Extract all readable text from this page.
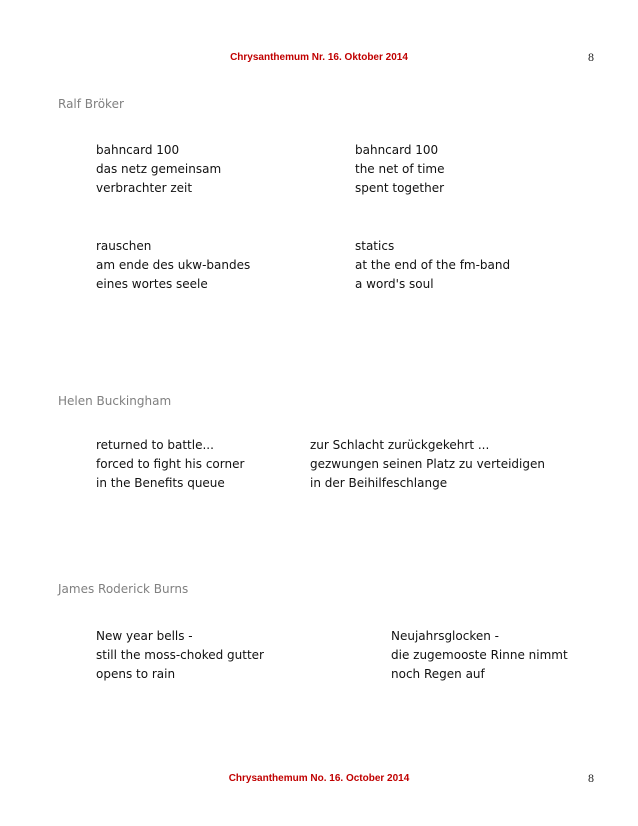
Chrysanthemum Nr. 16. Oktober 2014	8
Ralf Bröker
bahncard 100
das netz gemeinsam
verbrachter zeit
bahncard 100
the net of time
spent together
rauschen
am ende des ukw-bandes
eines wortes seele
statics
at the end of the fm-band
a word's soul
Helen Buckingham
returned to battle...
forced to fight his corner
in the Benefits queue
zur Schlacht zurückgekehrt ...
gezwungen seinen Platz zu verteidigen
in der Beihilfeschlange
James Roderick Burns
New year bells -
still the moss-choked gutter
opens to rain
Neujahrsglocken -
die zugemooste Rinne nimmt
noch Regen auf
Chrysanthemum No. 16. October 2014	8
